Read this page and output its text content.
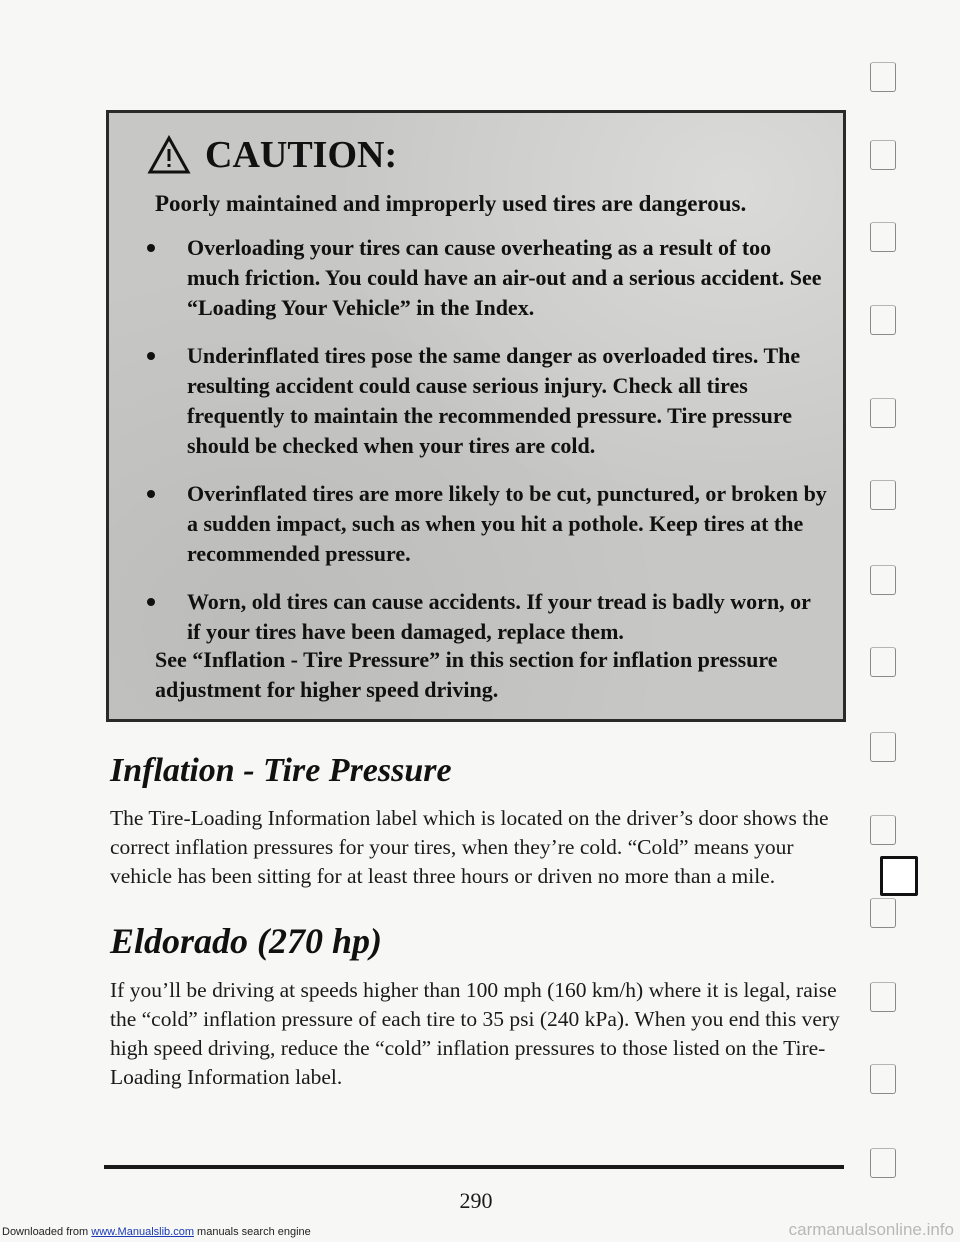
Downloaded from www.Manualslib.com manuals search engine
CAUTION:
Poorly maintained and improperly used tires are dangerous.
Overloading your tires can cause overheating as a result of too much friction. You could have an air-out and a serious accident. See “Loading Your Vehicle” in the Index.
Underinflated tires pose the same danger as overloaded tires. The resulting accident could cause serious injury. Check all tires frequently to maintain the recommended pressure. Tire pressure should be checked when your tires are cold.
Overinflated tires are more likely to be cut, punctured, or broken by a sudden impact, such as when you hit a pothole. Keep tires at the recommended pressure.
Worn, old tires can cause accidents. If your tread is badly worn, or if your tires have been damaged, replace them.
See “Inflation - Tire Pressure” in this section for inflation pressure adjustment for higher speed driving.
Inflation - Tire Pressure
The Tire-Loading Information label which is located on the driver’s door shows the correct inflation pressures for your tires, when they’re cold. “Cold” means your vehicle has been sitting for at least three hours or driven no more than a mile.
Eldorado (270 hp)
If you’ll be driving at speeds higher than 100 mph (160 km/h) where it is legal, raise the “cold” inflation pressure of each tire to 35 psi (240 kPa). When you end this very high speed driving, reduce the “cold” inflation pressures to those listed on the Tire-Loading Information label.
290
carmanualsonline.info
